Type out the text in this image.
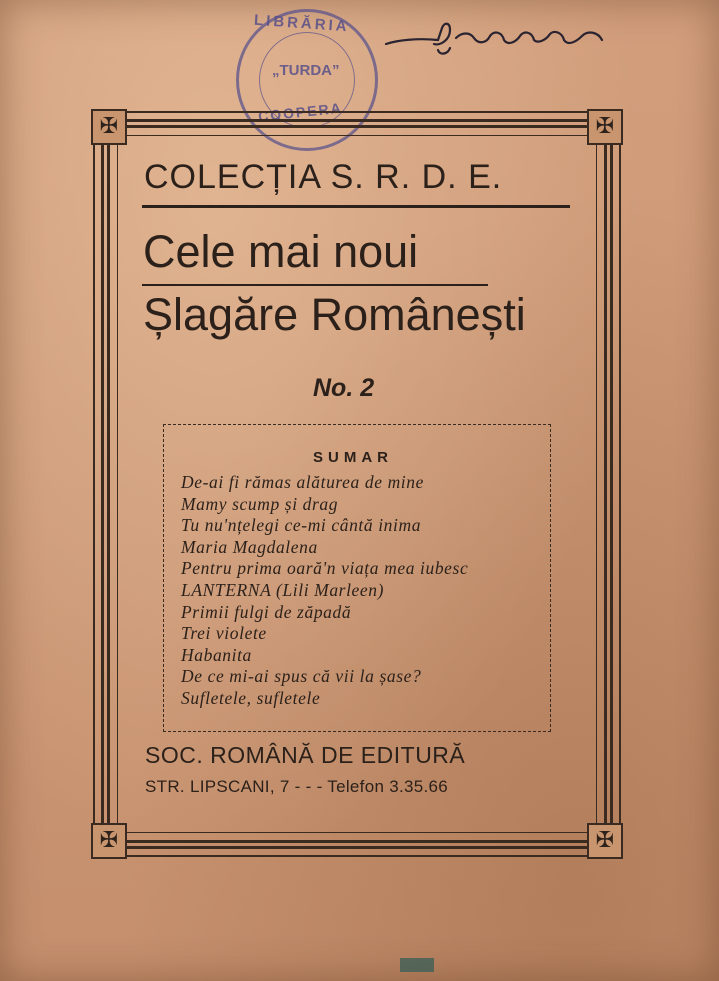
LIBRĂRIA
„TURDA”
COOPERA
✠	✠
✠	✠
COLECȚIA S. R. D. E.
Cele mai noui
Șlagăre Românești
No. 2
SUMAR
De-ai fi rămas alăturea de mine
Mamy scump și drag
Tu nu'nțelegi ce-mi cântă inima
Maria Magdalena
Pentru prima oară'n viața mea iubesc
LANTERNA (Lili Marleen)
Primii fulgi de zăpadă
Trei violete
Habanita
De ce mi-ai spus că vii la șase?
Sufletele, sufletele
SOC. ROMÂNĂ DE EDITURĂ
STR. LIPSCANI, 7 - - - Telefon 3.35.66
